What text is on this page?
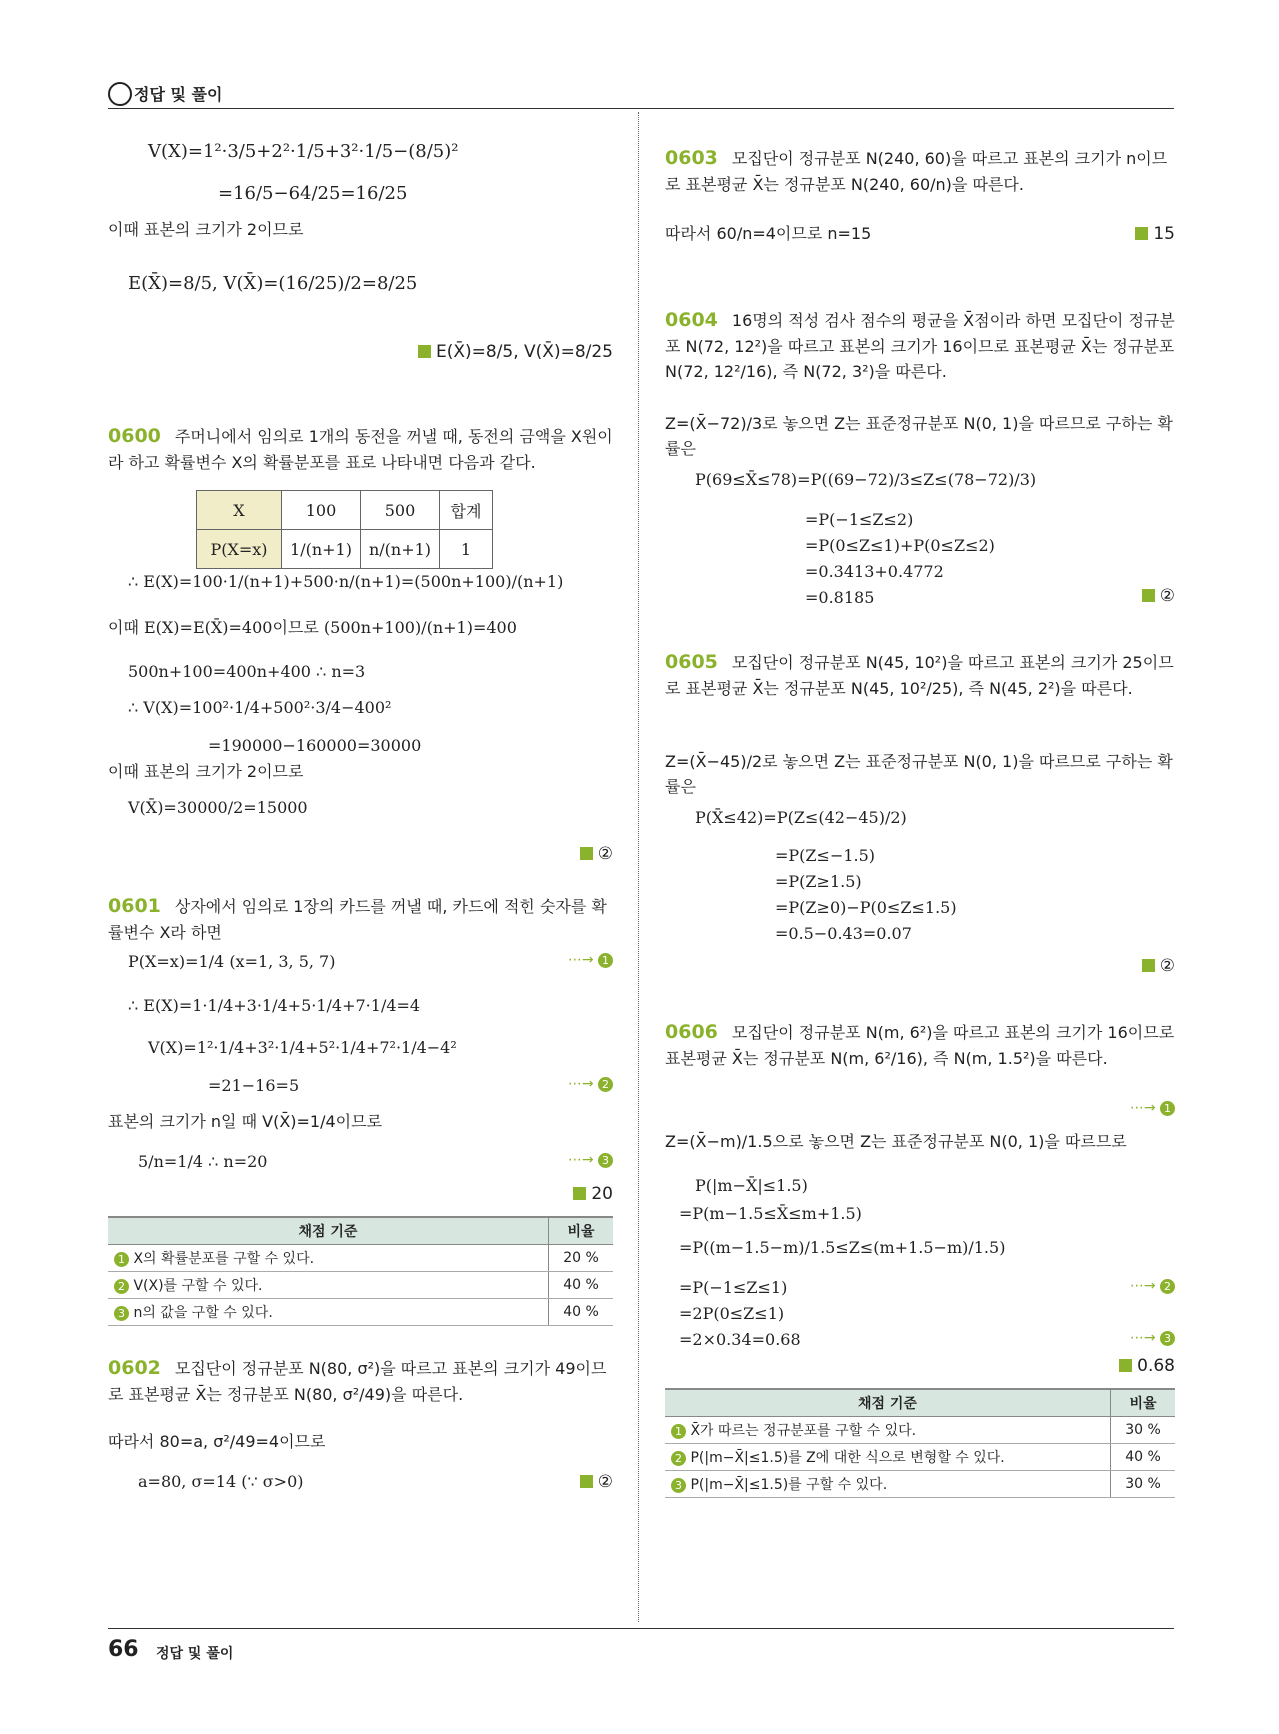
정답 및 풀이
V(X)=1²·3/5+2²·1/5+3²·1/5−(8/5)²
=16/5−64/25=16/25
이때 표본의 크기가 2이므로
E(X̄)=8/5, V(X̄)=(16/25)/2=8/25
E(X̄)=8/5, V(X̄)=8/25
0600 주머니에서 임의로 1개의 동전을 꺼낼 때, 동전의 금액을 X원이라 하고 확률변수 X의 확률분포를 표로 나타내면 다음과 같다.
X	100	500	합계
P(X=x)	1/(n+1)	n/(n+1)	1
∴ E(X)=100·1/(n+1)+500·n/(n+1)=(500n+100)/(n+1)
이때 E(X)=E(X̄)=400이므로 (500n+100)/(n+1)=400
500n+100=400n+400 ∴ n=3
∴ V(X)=100²·1/4+500²·3/4−400²
=190000−160000=30000
이때 표본의 크기가 2이므로
V(X̄)=30000/2=15000
②
0601 상자에서 임의로 1장의 카드를 꺼낼 때, 카드에 적힌 숫자를 확률변수 X라 하면
P(X=x)=1/4 (x=1, 3, 5, 7)	⋯→ 1
∴ E(X)=1·1/4+3·1/4+5·1/4+7·1/4=4
V(X)=1²·1/4+3²·1/4+5²·1/4+7²·1/4−4²
=21−16=5	⋯→ 2
표본의 크기가 n일 때 V(X̄)=1/4이므로
5/n=1/4 ∴ n=20	⋯→ 3
20
채점 기준	비율
1 X의 확률분포를 구할 수 있다.	20 %
2 V(X)를 구할 수 있다.	40 %
3 n의 값을 구할 수 있다.	40 %
0602 모집단이 정규분포 N(80, σ²)을 따르고 표본의 크기가 49이므로 표본평균 X̄는 정규분포 N(80, σ²/49)을 따른다.
따라서 80=a, σ²/49=4이므로
a=80, σ=14 (∵ σ>0)	②
0603 모집단이 정규분포 N(240, 60)을 따르고 표본의 크기가 n이므로 표본평균 X̄는 정규분포 N(240, 60/n)을 따른다.
따라서 60/n=4이므로 n=15	15
0604 16명의 적성 검사 점수의 평균을 X̄점이라 하면 모집단이 정규분포 N(72, 12²)을 따르고 표본의 크기가 16이므로 표본평균 X̄는 정규분포 N(72, 12²/16), 즉 N(72, 3²)을 따른다.
Z=(X̄−72)/3로 놓으면 Z는 표준정규분포 N(0, 1)을 따르므로 구하는 확률은
P(69≤X̄≤78)=P((69−72)/3≤Z≤(78−72)/3)
=P(−1≤Z≤2)
=P(0≤Z≤1)+P(0≤Z≤2)
=0.3413+0.4772
=0.8185	②
0605 모집단이 정규분포 N(45, 10²)을 따르고 표본의 크기가 25이므로 표본평균 X̄는 정규분포 N(45, 10²/25), 즉 N(45, 2²)을 따른다.
Z=(X̄−45)/2로 놓으면 Z는 표준정규분포 N(0, 1)을 따르므로 구하는 확률은
P(X̄≤42)=P(Z≤(42−45)/2)
=P(Z≤−1.5)
=P(Z≥1.5)
=P(Z≥0)−P(0≤Z≤1.5)
=0.5−0.43=0.07
②
0606 모집단이 정규분포 N(m, 6²)을 따르고 표본의 크기가 16이므로 표본평균 X̄는 정규분포 N(m, 6²/16), 즉 N(m, 1.5²)을 따른다.
⋯→ 1
Z=(X̄−m)/1.5으로 놓으면 Z는 표준정규분포 N(0, 1)을 따르므로
P(|m−X̄|≤1.5)
=P(m−1.5≤X̄≤m+1.5)
=P((m−1.5−m)/1.5≤Z≤(m+1.5−m)/1.5)
=P(−1≤Z≤1)	⋯→ 2
=2P(0≤Z≤1)
=2×0.34=0.68	⋯→ 3
0.68
채점 기준	비율
1 X̄가 따르는 정규분포를 구할 수 있다.	30 %
2 P(|m−X̄|≤1.5)를 Z에 대한 식으로 변형할 수 있다.	40 %
3 P(|m−X̄|≤1.5)를 구할 수 있다.	30 %
66 정답 및 풀이
